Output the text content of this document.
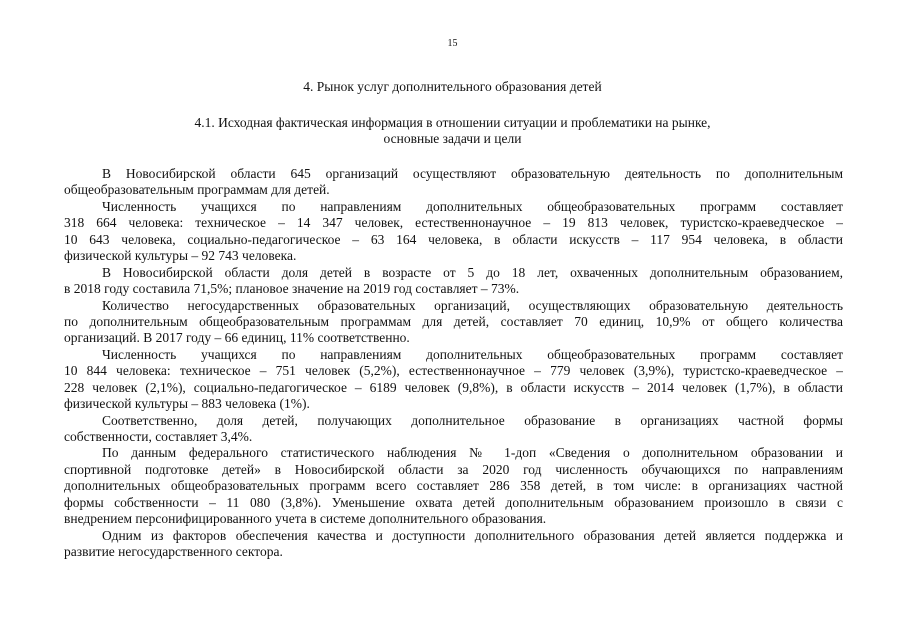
15
4. Рынок услуг дополнительного образования детей
4.1. Исходная фактическая информация в отношении ситуации и проблематики на рынке,
основные задачи и цели
В Новосибирской области 645 организаций осуществляют образовательную деятельность по дополнительным
общеобразовательным программам для детей.
Численность учащихся по направлениям дополнительных общеобразовательных программ составляет
318 664 человека: техническое – 14 347 человек, естественнонаучное – 19 813 человек, туристско-краеведческое –
10 643 человека, социально-педагогическое – 63 164 человека, в области искусств – 117 954 человека, в области
физической культуры – 92 743 человека.
В Новосибирской области доля детей в возрасте от 5 до 18 лет, охваченных дополнительным образованием,
в 2018 году составила 71,5%; плановое значение на 2019 год составляет – 73%.
Количество негосударственных образовательных организаций, осуществляющих образовательную деятельность
по дополнительным общеобразовательным программам для детей, составляет 70 единиц, 10,9% от общего количества
организаций. В 2017 году – 66 единиц, 11% соответственно.
Численность учащихся по направлениям дополнительных общеобразовательных программ составляет
10 844 человека: техническое – 751 человек (5,2%), естественнонаучное – 779 человек (3,9%), туристско-краеведческое –
228 человек (2,1%), социально-педагогическое – 6189 человек (9,8%), в области искусств – 2014 человек (1,7%), в области
физической культуры – 883 человека (1%).
Соответственно, доля детей, получающих дополнительное образование в организациях частной формы
собственности, составляет 3,4%.
По данным федерального статистического наблюдения № 1-доп «Сведения о дополнительном образовании и
спортивной подготовке детей» в Новосибирской области за 2020 год численность обучающихся по направлениям
дополнительных общеобразовательных программ всего составляет 286 358 детей, в том числе: в организациях частной
формы собственности – 11 080 (3,8%). Уменьшение охвата детей дополнительным образованием произошло в связи с
внедрением персонифицированного учета в системе дополнительного образования.
Одним из факторов обеспечения качества и доступности дополнительного образования детей является поддержка и
развитие негосударственного сектора.
